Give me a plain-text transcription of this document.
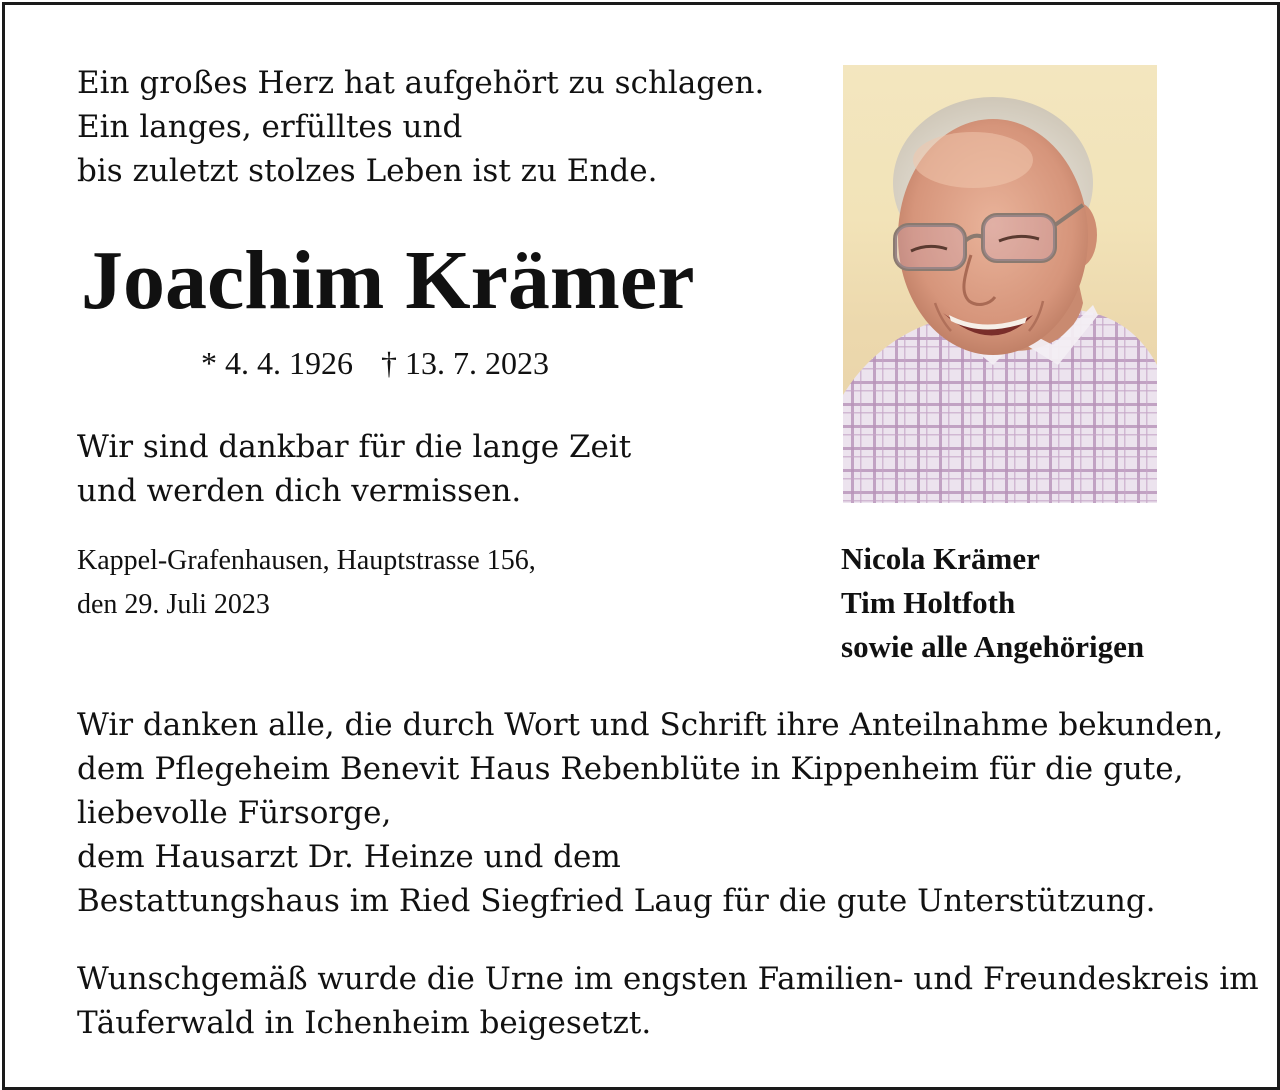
Ein großes Herz hat aufgehört zu schlagen.
Ein langes, erfülltes und
bis zuletzt stolzes Leben ist zu Ende.
Joachim Krämer
* 4. 4. 1926 † 13. 7. 2023
Wir sind dankbar für die lange Zeit
und werden dich vermissen.
Kappel-Grafenhausen, Hauptstrasse 156,
den 29. Juli 2023
Nicola Krämer
Tim Holtfoth
sowie alle Angehörigen
Wir danken alle, die durch Wort und Schrift ihre Anteilnahme bekunden,
dem Pflegeheim Benevit Haus Rebenblüte in Kippenheim für die gute,
liebevolle Fürsorge,
dem Hausarzt Dr. Heinze und dem
Bestattungshaus im Ried Siegfried Laug für die gute Unterstützung.
Wunschgemäß wurde die Urne im engsten Familien- und Freundeskreis im
Täuferwald in Ichenheim beigesetzt.
